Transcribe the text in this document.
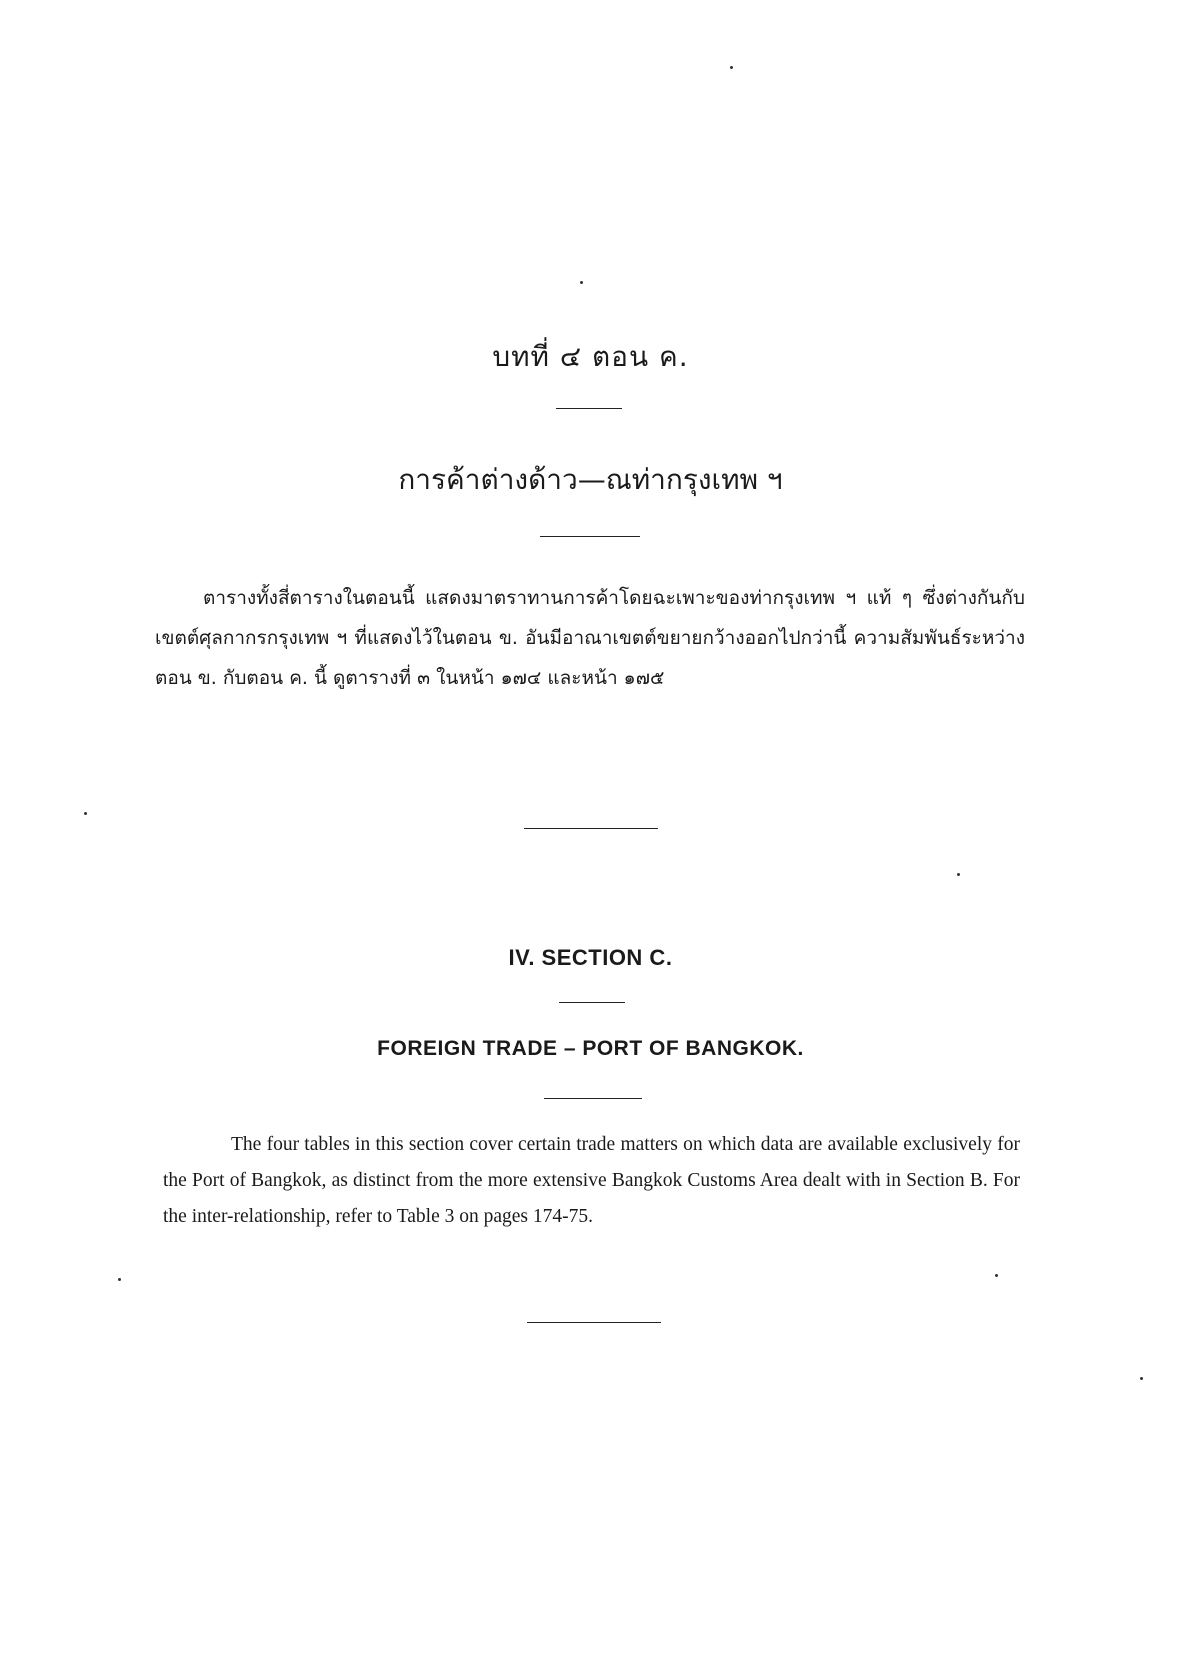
บทที่ ๔ ตอน ค.
การค้าต่างด้าว—ณท่ากรุงเทพ ฯ

ตารางทั้งสี่ตารางในตอนนี้ แสดงมาตราทานการค้าโดยฉะเพาะของท่ากรุงเทพ ฯ แท้ ๆ ซึ่งต่างกันกับเขตต์ศุลกากรกรุงเทพ ฯ ที่แสดงไว้ในตอน ข. อันมีอาณาเขตต์ขยายกว้างออกไปกว่านี้ ความสัมพันธ์ระหว่างตอน ข. กับตอน ค. นี้ ดูตารางที่ ๓ ในหน้า ๑๗๔ และหน้า ๑๗๕

IV. SECTION C.
FOREIGN TRADE – PORT OF BANGKOK.

The four tables in this section cover certain trade matters on which data are available exclusively for the Port of Bangkok, as distinct from the more extensive Bangkok Customs Area dealt with in Section B. For the inter-relationship, refer to Table 3 on pages 174-75.
